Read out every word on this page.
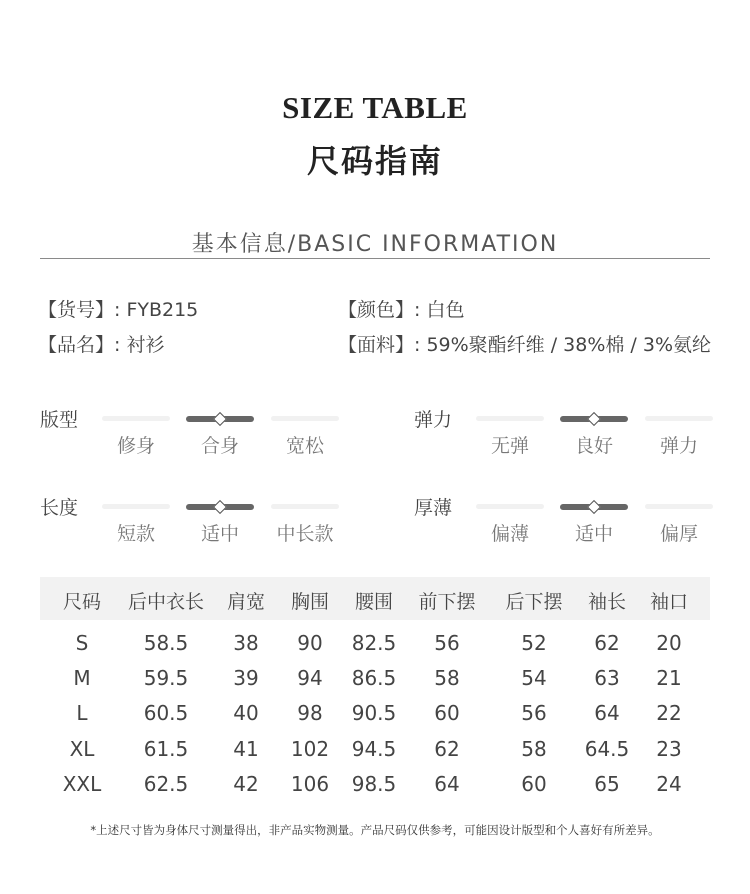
SIZE TABLE
尺码指南
基本信息/BASIC INFORMATION
【货号】: FYB215	【颜色】: 白色
【品名】: 衬衫	【面料】: 59%聚酯纤维 / 38%棉 / 3%氨纶
版型
修身	合身	宽松
弹力
无弹	良好	弹力
长度
短款	适中	中长款
厚薄
偏薄	适中	偏厚
尺码	后中衣长	肩宽	胸围	腰围	前下摆	后下摆	袖长	袖口
S	58.5	38	90	82.5	56	52	62	20
M	59.5	39	94	86.5	58	54	63	21
L	60.5	40	98	90.5	60	56	64	22
XL	61.5	41	102	94.5	62	58	64.5	23
XXL	62.5	42	106	98.5	64	60	65	24
*上述尺寸皆为身体尺寸测量得出，非产品实物测量。产品尺码仅供参考，可能因设计版型和个人喜好有所差异。
